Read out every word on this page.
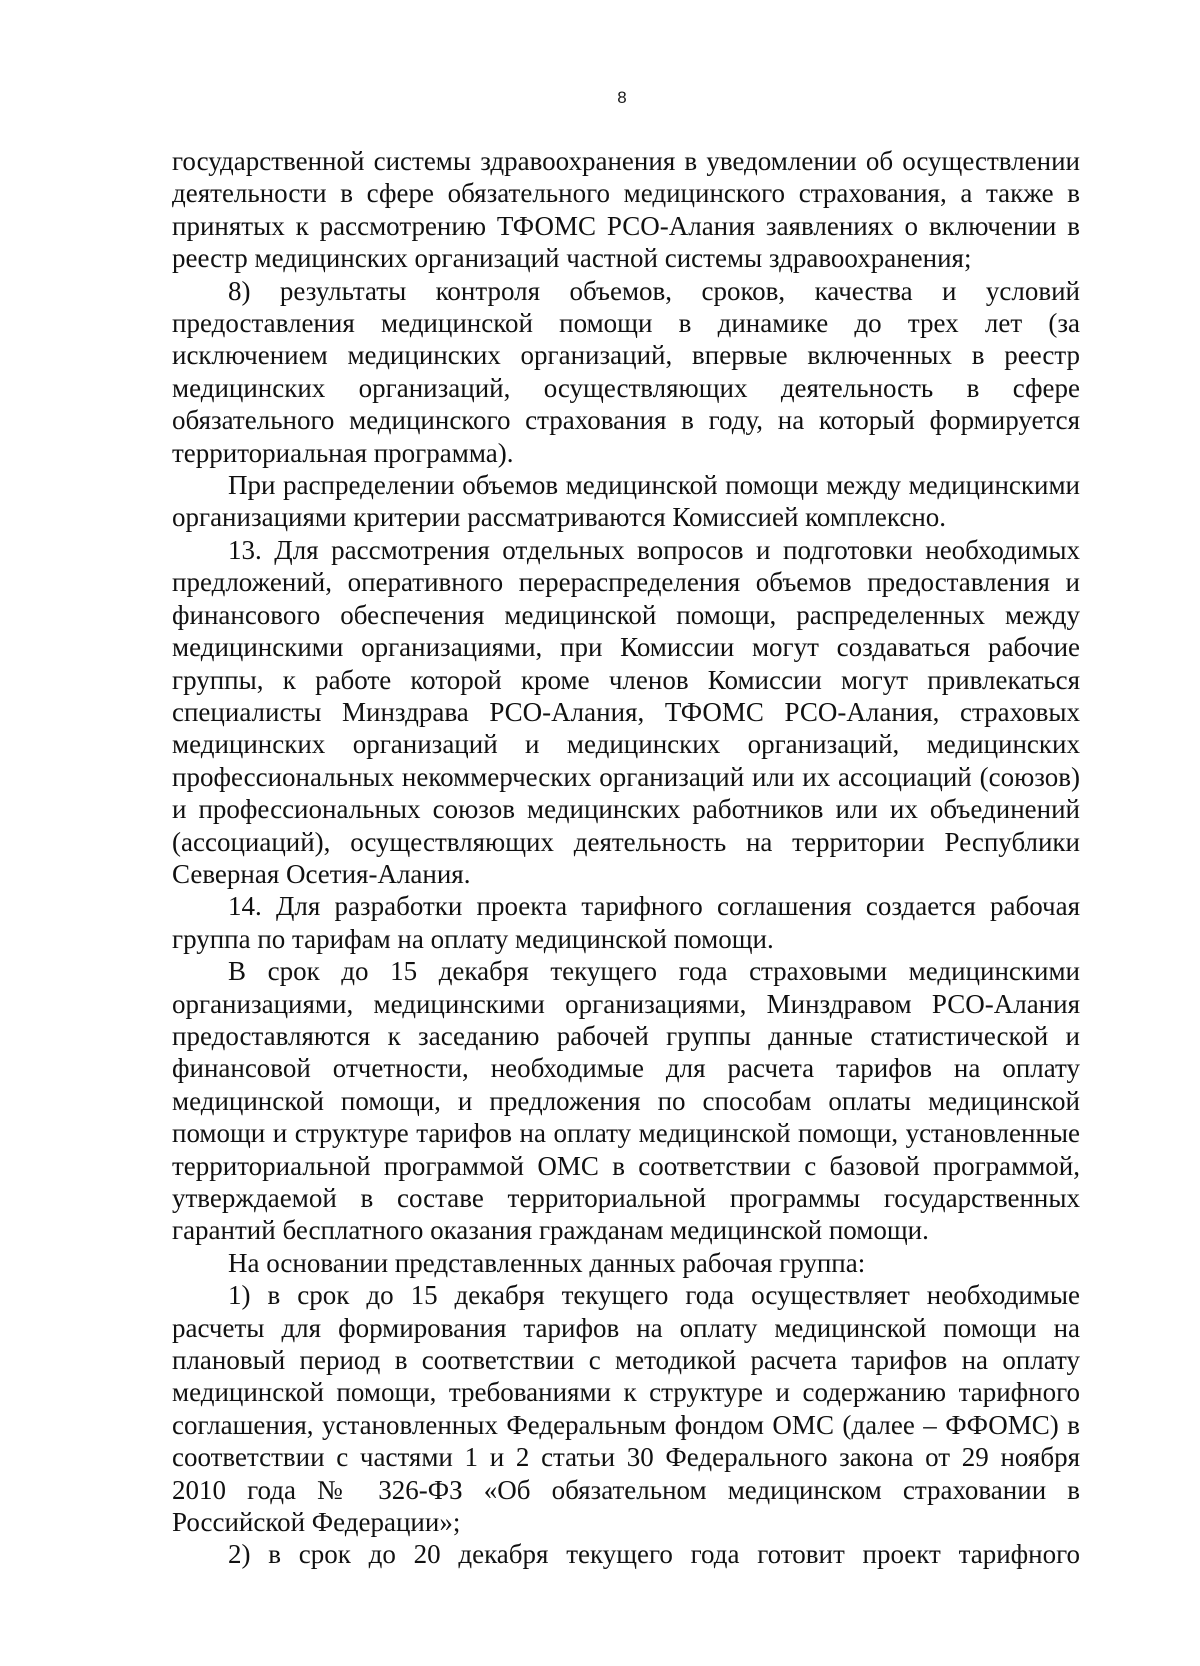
8

государственной системы здравоохранения в уведомлении об осуществлении деятельности в сфере обязательного медицинского страхования, а также в принятых к рассмотрению ТФОМС РСО-Алания заявлениях о включении в реестр медицинских организаций частной системы здравоохранения;

8) результаты контроля объемов, сроков, качества и условий предоставления медицинской помощи в динамике до трех лет (за исключением медицинских организаций, впервые включенных в реестр медицинских организаций, осуществляющих деятельность в сфере обязательного медицинского страхования в году, на который формируется территориальная программа).

При распределении объемов медицинской помощи между медицинскими организациями критерии рассматриваются Комиссией комплексно.

13. Для рассмотрения отдельных вопросов и подготовки необходимых предложений, оперативного перераспределения объемов предоставления и финансового обеспечения медицинской помощи, распределенных между медицинскими организациями, при Комиссии могут создаваться рабочие группы, к работе которой кроме членов Комиссии могут привлекаться специалисты Минздрава РСО-Алания, ТФОМС РСО-Алания, страховых медицинских организаций и медицинских организаций, медицинских профессиональных некоммерческих организаций или их ассоциаций (союзов) и профессиональных союзов медицинских работников или их объединений (ассоциаций), осуществляющих деятельность на территории Республики Северная Осетия-Алания.

14. Для разработки проекта тарифного соглашения создается рабочая группа по тарифам на оплату медицинской помощи.

В срок до 15 декабря текущего года страховыми медицинскими организациями, медицинскими организациями, Минздравом РСО-Алания предоставляются к заседанию рабочей группы данные статистической и финансовой отчетности, необходимые для расчета тарифов на оплату медицинской помощи, и предложения по способам оплаты медицинской помощи и структуре тарифов на оплату медицинской помощи, установленные территориальной программой ОМС в соответствии с базовой программой, утверждаемой в составе территориальной программы государственных гарантий бесплатного оказания гражданам медицинской помощи.

На основании представленных данных рабочая группа:

1) в срок до 15 декабря текущего года осуществляет необходимые расчеты для формирования тарифов на оплату медицинской помощи на плановый период в соответствии с методикой расчета тарифов на оплату медицинской помощи, требованиями к структуре и содержанию тарифного соглашения, установленных Федеральным фондом ОМС (далее – ФФОМС) в соответствии с частями 1 и 2 статьи 30 Федерального закона от 29 ноября 2010 года № 326-ФЗ «Об обязательном медицинском страховании в Российской Федерации»;

2) в срок до 20 декабря текущего года готовит проект тарифного
